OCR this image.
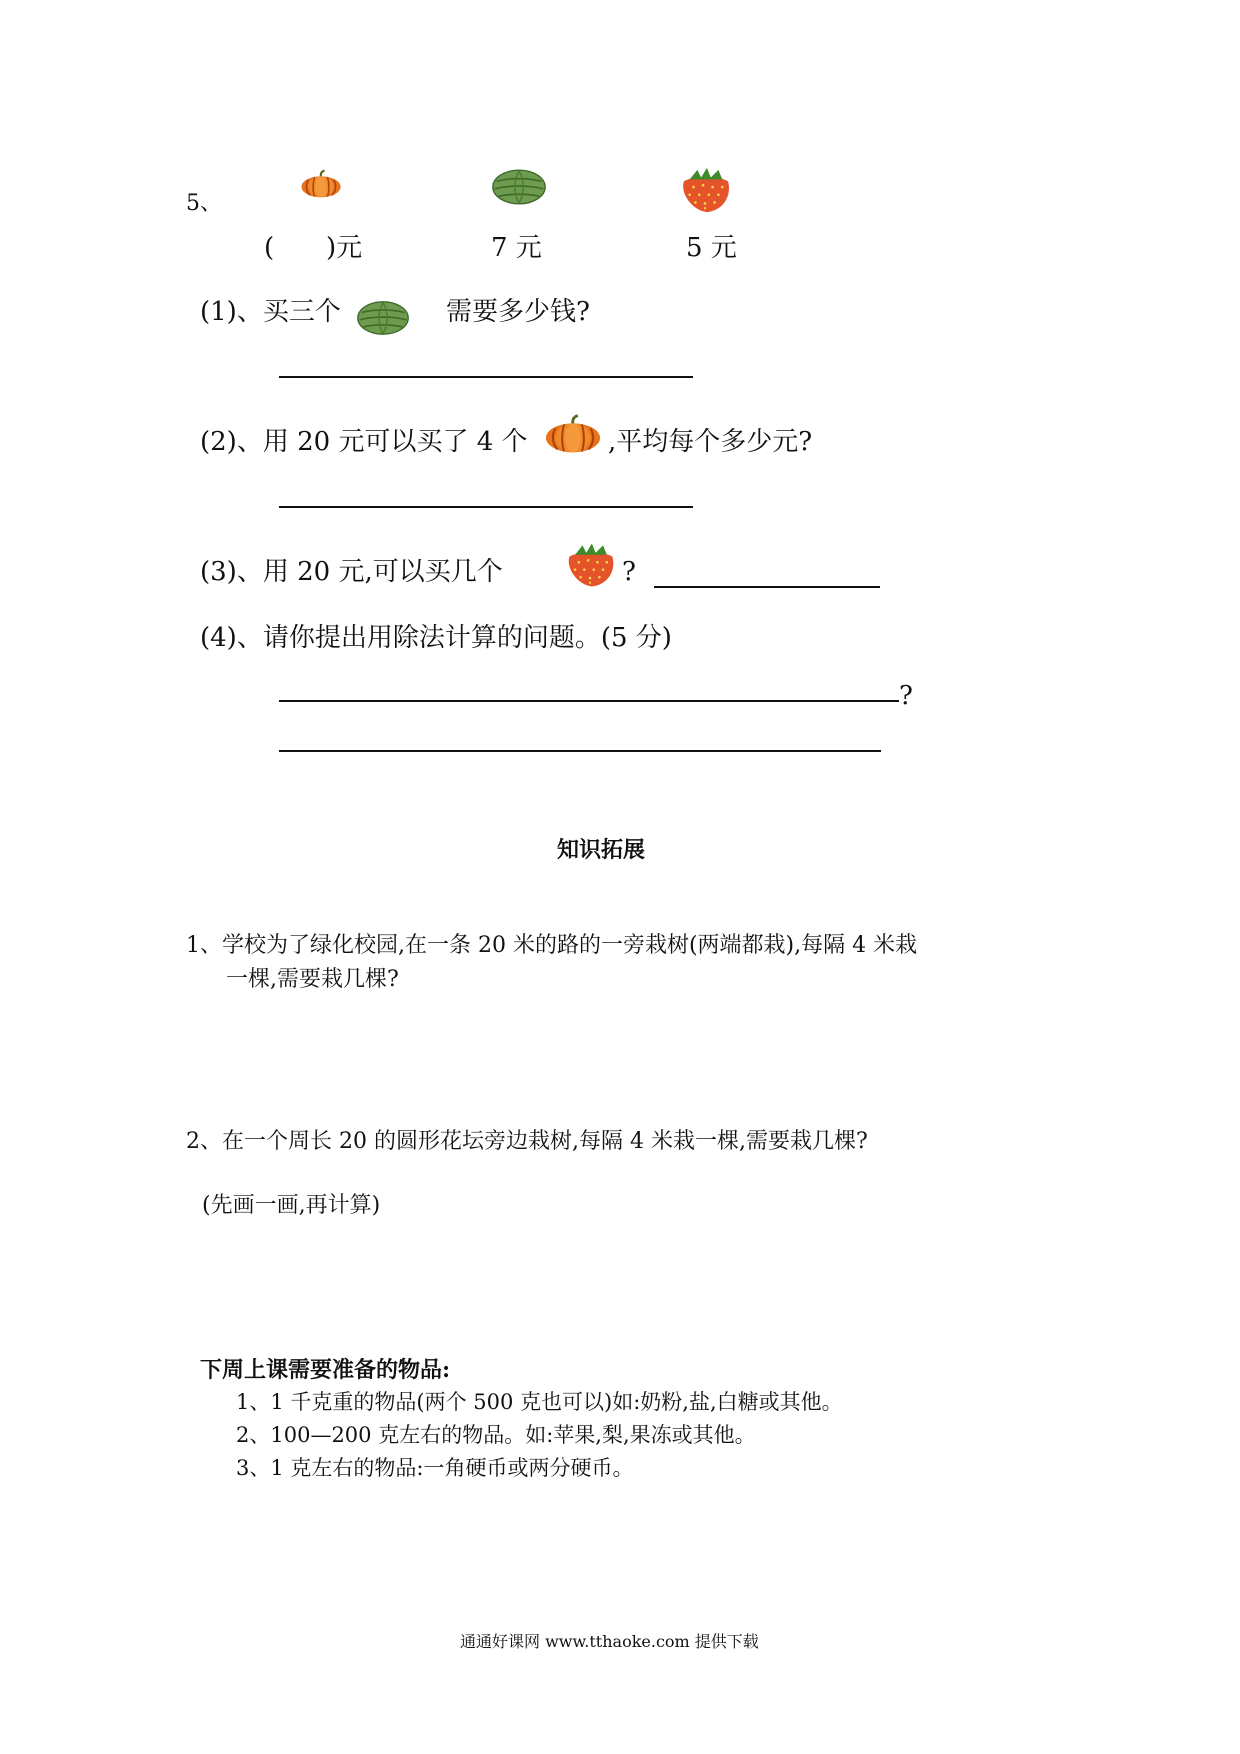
5、
( )元	7 元	5 元
(1)、买三个	需要多少钱?
(2)、用 20 元可以买了 4 个	,平均每个多少元?
(3)、用 20 元,可以买几个	?
(4)、请你提出用除法计算的问题。(5 分)
?
知识拓展
1、学校为了绿化校园,在一条 20 米的路的一旁栽树(两端都栽),每隔 4 米栽
一棵,需要栽几棵?
2、在一个周长 20 的圆形花坛旁边栽树,每隔 4 米栽一棵,需要栽几棵?
(先画一画,再计算)
下周上课需要准备的物品:
1、1 千克重的物品(两个 500 克也可以)如:奶粉,盐,白糖或其他。
2、100—200 克左右的物品。如:苹果,梨,果冻或其他。
3、1 克左右的物品:一角硬币或两分硬币。
通通好课网 www.tthaoke.com 提供下载
